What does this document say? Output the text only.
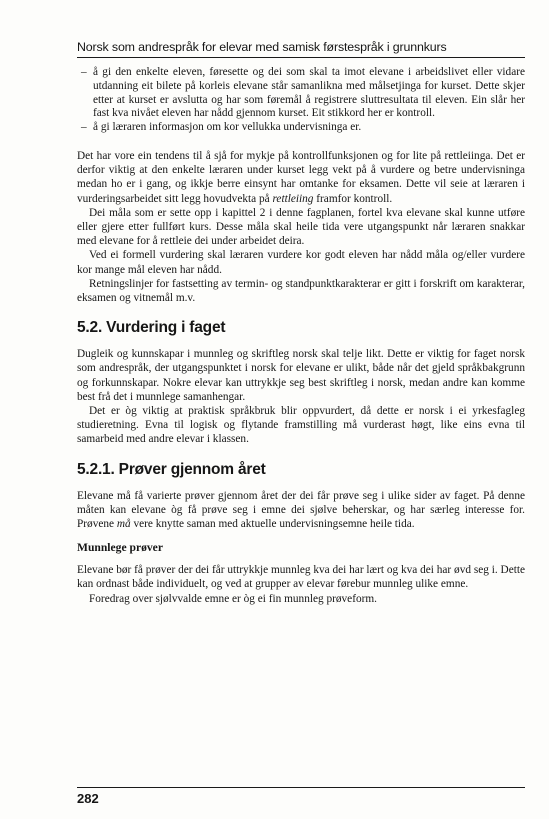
Norsk som andrespråk for elevar med samisk førstespråk i grunnkurs
– å gi den enkelte eleven, føresette og dei som skal ta imot elevane i arbeidslivet eller vidare utdanning eit bilete på korleis elevane står samanlikna med målsetjinga for kurset. Dette skjer etter at kurset er avslutta og har som føremål å registrere sluttresultata til eleven. Ein slår her fast kva nivået eleven har nådd gjennom kurset. Eit stikkord her er kontroll.
– å gi læraren informasjon om kor vellukka undervisninga er.

Det har vore ein tendens til å sjå for mykje på kontrollfunksjonen og for lite på rettleiinga. Det er derfor viktig at den enkelte læraren under kurset legg vekt på å vurdere og betre undervisninga medan ho er i gang, og ikkje berre einsynt har omtanke for eksamen. Dette vil seie at læraren i vurderingsarbeidet sitt legg hovudvekta på rettleiing framfor kontroll.

Dei måla som er sette opp i kapittel 2 i denne fagplanen, fortel kva elevane skal kunne utføre eller gjere etter fullført kurs. Desse måla skal heile tida vere utgangspunkt når læraren snakkar med elevane for å rettleie dei under arbeidet deira.

Ved ei formell vurdering skal læraren vurdere kor godt eleven har nådd måla og/eller vurdere kor mange mål eleven har nådd.

Retningslinjer for fastsetting av termin- og standpunktkarakterar er gitt i forskrift om karakterar, eksamen og vitnemål m.v.

5.2. Vurdering i faget

Dugleik og kunnskapar i munnleg og skriftleg norsk skal telje likt. Dette er viktig for faget norsk som andrespråk, der utgangspunktet i norsk for elevane er ulikt, både når det gjeld språkbakgrunn og forkunnskapar. Nokre elevar kan uttrykkje seg best skriftleg i norsk, medan andre kan komme best frå det i munnlege samanhengar.

Det er òg viktig at praktisk språkbruk blir oppvurdert, då dette er norsk i ei yrkesfagleg studieretning. Evna til logisk og flytande framstilling må vurderast høgt, like eins evna til samarbeid med andre elevar i klassen.

5.2.1. Prøver gjennom året

Elevane må få varierte prøver gjennom året der dei får prøve seg i ulike sider av faget. På denne måten kan elevane òg få prøve seg i emne dei sjølve beherskar, og har særleg interesse for. Prøvene må vere knytte saman med aktuelle undervisningsemne heile tida.

Munnlege prøver

Elevane bør få prøver der dei får uttrykkje munnleg kva dei har lært og kva dei har øvd seg i. Dette kan ordnast både individuelt, og ved at grupper av elevar førebur munnleg ulike emne.

Foredrag over sjølvvalde emne er òg ei fin munnleg prøveform.

282
